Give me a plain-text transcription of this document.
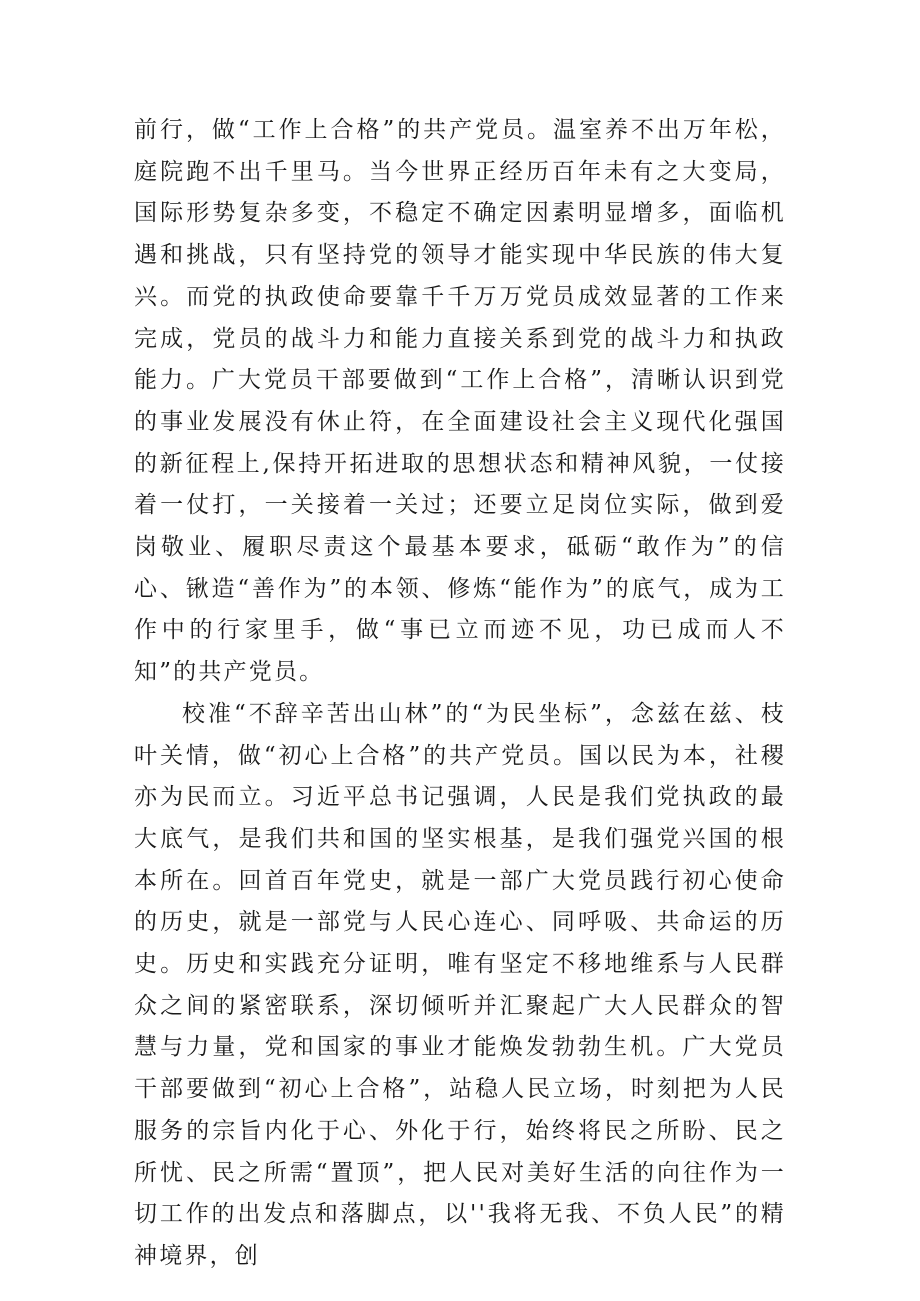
前行，做“工作上合格”的共产党员。温室养不出万年松，庭院跑不出千里马。当今世界正经历百年未有之大变局，国际形势复杂多变，不稳定不确定因素明显增多，面临机遇和挑战，只有坚持党的领导才能实现中华民族的伟大复兴。而党的执政使命要靠千千万万党员成效显著的工作来完成，党员的战斗力和能力直接关系到党的战斗力和执政能力。广大党员干部要做到“工作上合格”，清晰认识到党的事业发展没有休止符，在全面建设社会主义现代化强国的新征程上,保持开拓进取的思想状态和精神风貌，一仗接着一仗打，一关接着一关过；还要立足岗位实际，做到爱岗敬业、履职尽责这个最基本要求，砥砺“敢作为”的信心、锹造“善作为”的本领、修炼“能作为”的底气，成为工作中的行家里手，做“事已立而迹不见，功已成而人不知”的共产党员。

校准“不辞辛苦出山林”的“为民坐标”，念兹在兹、枝叶关情，做“初心上合格”的共产党员。国以民为本，社稷亦为民而立。习近平总书记强调，人民是我们党执政的最大底气，是我们共和国的坚实根基，是我们强党兴国的根本所在。回首百年党史，就是一部广大党员践行初心使命的历史，就是一部党与人民心连心、同呼吸、共命运的历史。历史和实践充分证明，唯有坚定不移地维系与人民群众之间的紧密联系，深切倾听并汇聚起广大人民群众的智慧与力量，党和国家的事业才能焕发勃勃生机。广大党员干部要做到“初心上合格”，站稳人民立场，时刻把为人民服务的宗旨内化于心、外化于行，始终将民之所盼、民之所忧、民之所需“置顶”，把人民对美好生活的向往作为一切工作的出发点和落脚点，以''我将无我、不负人民”的精神境界，创
